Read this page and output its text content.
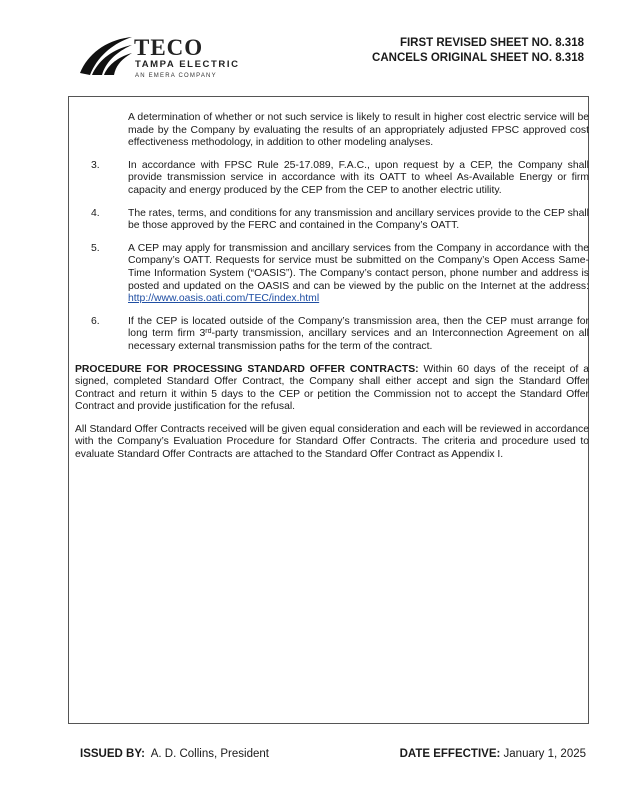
TECO
TAMPA ELECTRIC
AN EMERA COMPANY
FIRST REVISED SHEET NO. 8.318
CANCELS ORIGINAL SHEET NO. 8.318
A determination of whether or not such service is likely to result in higher cost electric service will be made by the Company by evaluating the results of an appropriately adjusted FPSC approved cost effectiveness methodology, in addition to other modeling analyses.
3.	In accordance with FPSC Rule 25-17.089, F.A.C., upon request by a CEP, the Company shall provide transmission service in accordance with its OATT to wheel As-Available Energy or firm capacity and energy produced by the CEP from the CEP to another electric utility.
4.	The rates, terms, and conditions for any transmission and ancillary services provide to the CEP shall be those approved by the FERC and contained in the Company’s OATT.
5.	A CEP may apply for transmission and ancillary services from the Company in accordance with the Company’s OATT. Requests for service must be submitted on the Company’s Open Access Same-Time Information System (“OASIS”). The Company’s contact person, phone number and address is posted and updated on the OASIS and can be viewed by the public on the Internet at the address: http://www.oasis.oati.com/TEC/index.html
6.	If the CEP is located outside of the Company’s transmission area, then the CEP must arrange for long term firm 3rd-party transmission, ancillary services and an Interconnection Agreement on all necessary external transmission paths for the term of the contract.
PROCEDURE FOR PROCESSING STANDARD OFFER CONTRACTS: Within 60 days of the receipt of a signed, completed Standard Offer Contract, the Company shall either accept and sign the Standard Offer Contract and return it within 5 days to the CEP or petition the Commission not to accept the Standard Offer Contract and provide justification for the refusal.
All Standard Offer Contracts received will be given equal consideration and each will be reviewed in accordance with the Company’s Evaluation Procedure for Standard Offer Contracts. The criteria and procedure used to evaluate Standard Offer Contracts are attached to the Standard Offer Contract as Appendix I.
ISSUED BY:  A. D. Collins, President	DATE EFFECTIVE: January 1, 2025
